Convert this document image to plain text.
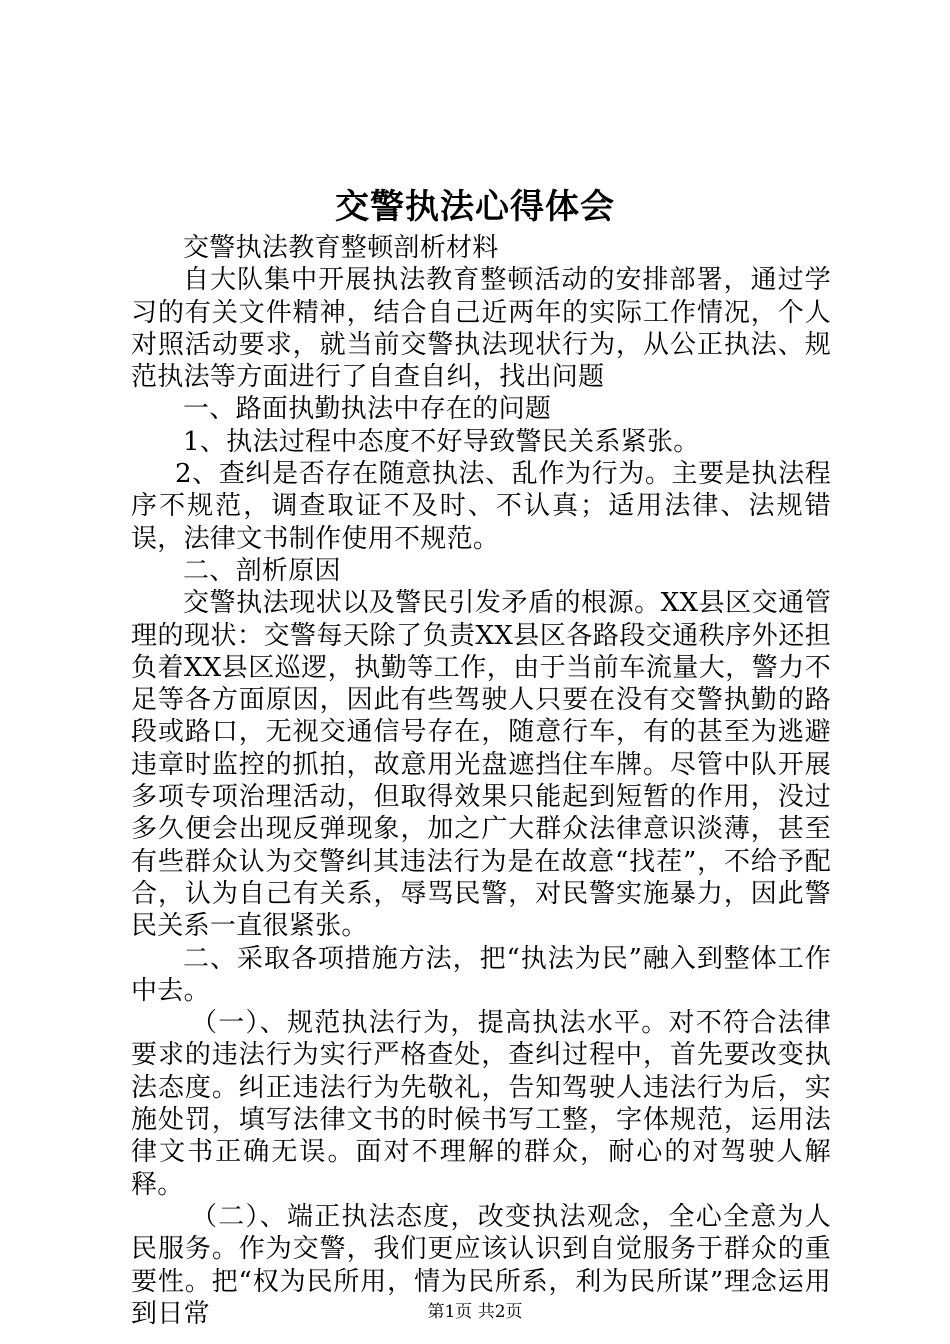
交警执法心得体会

交警执法教育整顿剖析材料

自大队集中开展执法教育整顿活动的安排部署，通过学习的有关文件精神，结合自己近两年的实际工作情况，个人对照活动要求，就当前交警执法现状行为，从公正执法、规范执法等方面进行了自查自纠，找出问题

一、路面执勤执法中存在的问题

1、执法过程中态度不好导致警民关系紧张。

2、查纠是否存在随意执法、乱作为行为。主要是执法程序不规范，调查取证不及时、不认真；适用法律、法规错误，法律文书制作使用不规范。

二、剖析原因

交警执法现状以及警民引发矛盾的根源。XX县区交通管理的现状：交警每天除了负责XX县区各路段交通秩序外还担负着XX县区巡逻，执勤等工作，由于当前车流量大，警力不足等各方面原因，因此有些驾驶人只要在没有交警执勤的路段或路口，无视交通信号存在，随意行车，有的甚至为逃避违章时监控的抓拍，故意用光盘遮挡住车牌。尽管中队开展多项专项治理活动，但取得效果只能起到短暂的作用，没过多久便会出现反弹现象，加之广大群众法律意识淡薄，甚至有些群众认为交警纠其违法行为是在故意“找茬”，不给予配合，认为自己有关系，辱骂民警，对民警实施暴力，因此警民关系一直很紧张。

二、采取各项措施方法，把“执法为民”融入到整体工作中去。

（一）、规范执法行为，提高执法水平。对不符合法律要求的违法行为实行严格查处，查纠过程中，首先要改变执法态度。纠正违法行为先敬礼，告知驾驶人违法行为后，实施处罚，填写法律文书的时候书写工整，字体规范，运用法律文书正确无误。面对不理解的群众，耐心的对驾驶人解释。

（二）、端正执法态度，改变执法观念，全心全意为人民服务。作为交警，我们更应该认识到自觉服务于群众的重要性。把“权为民所用，情为民所系，利为民所谋”理念运用到日常	第1页 共2页
